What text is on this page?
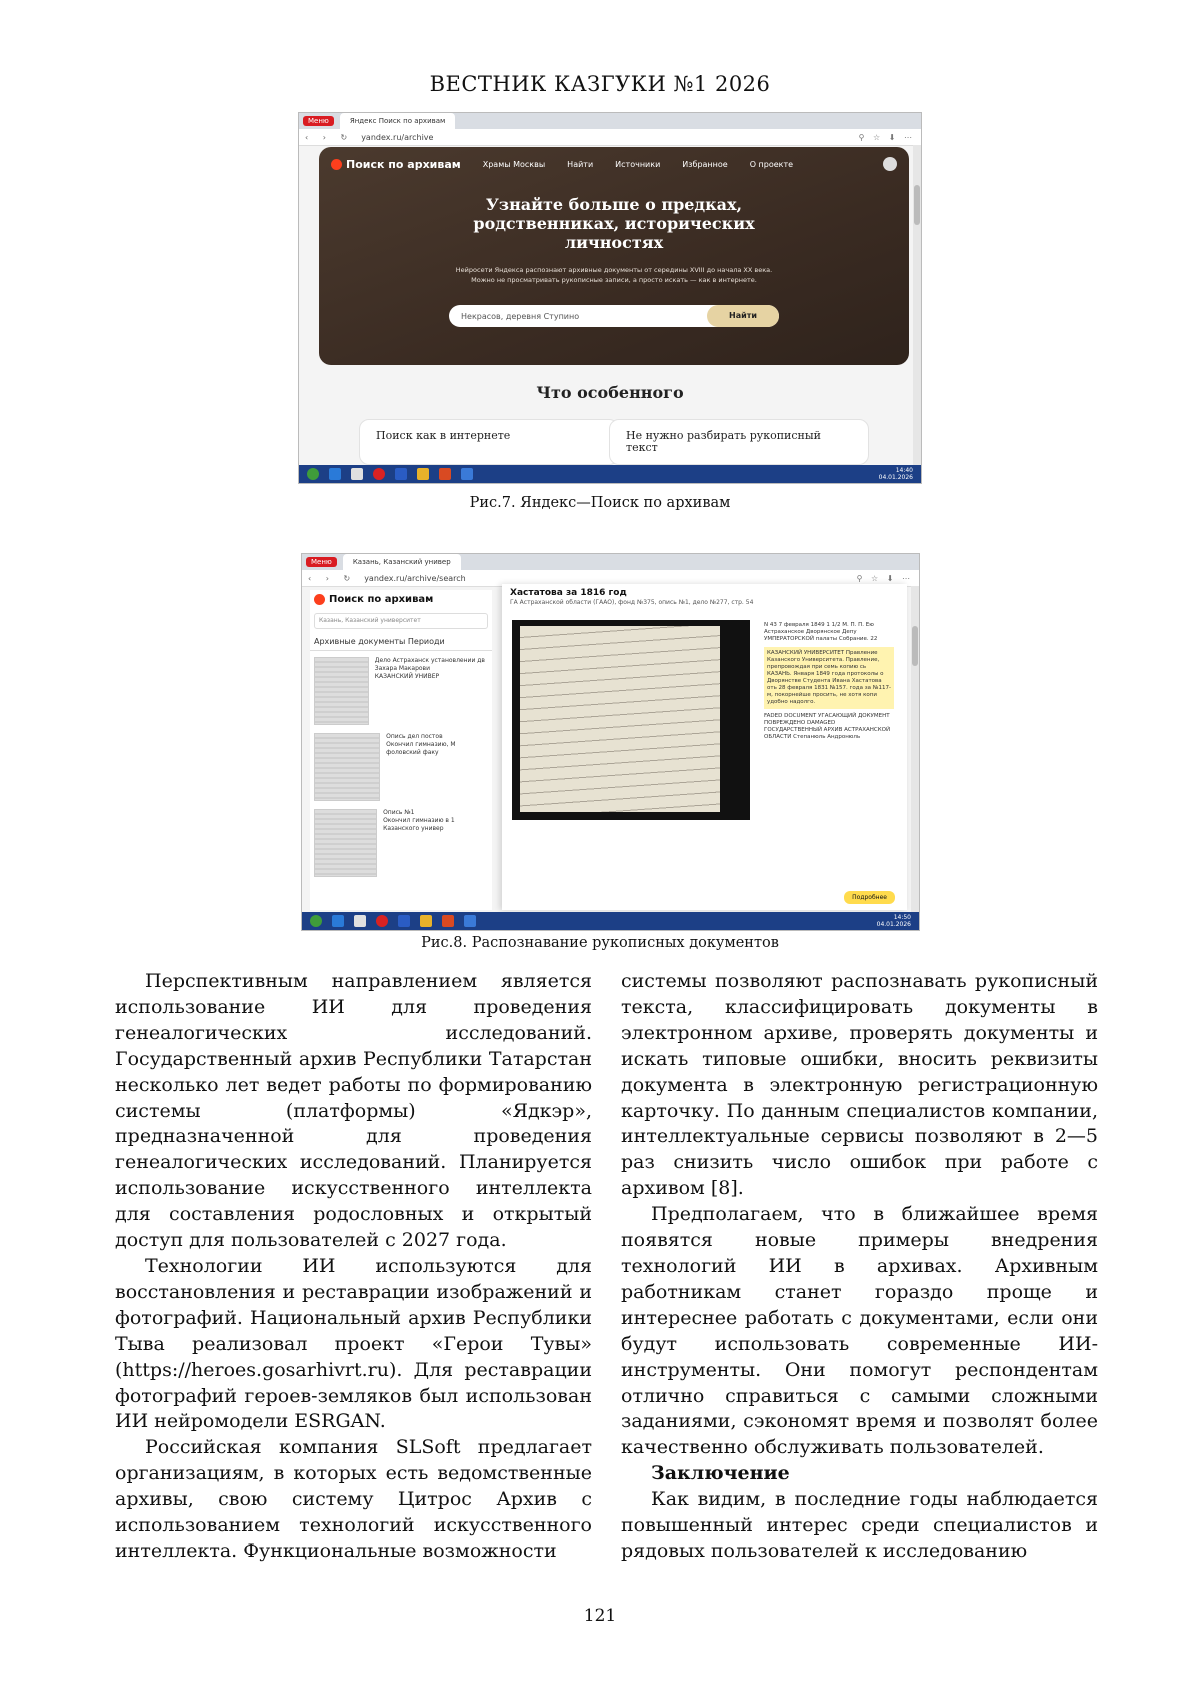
ВЕСТНИК КАЗГУКИ №1 2026
Меню	Яндекс Поиск по архивам
‹ › ↻ yandex.ru/archive	⚲ ☆ ⬇ ⋯
Поиск по архивам	Храмы Москвы	Найти	Источники	Избранное	О проекте
Узнайте больше о предках, родственниках, исторических личностях
Нейросети Яндекса распознают архивные документы от середины XVIII до начала XX века. Можно не просматривать рукописные записи, а просто искать — как в интернете.
Некрасов, деревня Ступино	Найти
Что особенного
Поиск как в интернете	Не нужно разбирать рукописный текст
14:40
04.01.2026
Рис.7. Яндекс—Поиск по архивам
Меню	Казань, Казанский универ
‹ › ↻ yandex.ru/archive/search	⚲ ☆ ⬇ ⋯
Поиск по архивам
Казань, Казанский университет
Архивные документы Периоди
Дело Астраханск установлении дв Захара Макарови
КАЗАНСКИЙ УНИВЕР
Опись дел постов
Окончил гимназию, М фоловский факу
Опись №1
Окончил гимназию в 1 Казанского универ
Хастатова за 1816 год
ГА Астраханской области (ГААО), фонд №375, опись №1, дело №277, стр. 54
N 43 7 февраля 1849 1 1/2 М. П. П. Ею Астраханское Дворянское Депу УМПЕРАТОРСКОЙ палаты Собрание. 22
КАЗАНСКИЙ УНИВЕРСИТЕТ Правление Казанского Университета. Правление, препровождая при семь копию сь КАЗАНЬ. Января 1849 года протоколы о Дворянстве Студента Ивана Хастатова оть 28 февраля 1831 №157. года за №117-м, покорнейше просить, не хотя копи удобно надолго.
FADED DOCUMENT УГАСАЮЩИЙ ДОКУМЕНТ ПОВРЕЖДЕНО DAMAGED ГОСУДАРСТВЕННЫЙ АРХИВ АСТРАХАНСКОЙ ОБЛАСТИ Степанюль Андронюль
Подробнее
14:50
04.01.2026
Рис.8. Распознавание рукописных документов

Перспективным направлением является использование ИИ для проведения генеалогических исследований. Государственный архив Республики Татарстан несколько лет ведет работы по формированию системы (платформы) «Ядкэр», предназначенной для проведения генеалогических исследований. Планируется использование искусственного интеллекта для составления родословных и открытый доступ для пользователей с 2027 года.

Технологии ИИ используются для восстановления и реставрации изображений и фотографий. Национальный архив Республики Тыва реализовал проект «Герои Тувы» (https://heroes.gosarhivrt.ru). Для реставрации фотографий героев-земляков был использован ИИ нейромодели ESRGAN.

Российская компания SLSoft предлагает организациям, в которых есть ведомственные архивы, свою систему Цитрос Архив с использованием технологий искусственного интеллекта. Функциональные возможности

системы позволяют распознавать рукописный текста, классифицировать документы в электронном архиве, проверять документы и искать типовые ошибки, вносить реквизиты документа в электронную регистрационную карточку. По данным специалистов компании, интеллектуальные сервисы позволяют в 2—5 раз снизить число ошибок при работе с архивом [8].

Предполагаем, что в ближайшее время появятся новые примеры внедрения технологий ИИ в архивах. Архивным работникам станет гораздо проще и интереснее работать с документами, если они будут использовать современные ИИ-инструменты. Они помогут респондентам отлично справиться с самыми сложными заданиями, сэкономят время и позволят более качественно обслуживать пользователей.

Заключение

Как видим, в последние годы наблюдается повышенный интерес среди специалистов и рядовых пользователей к исследованию

121
